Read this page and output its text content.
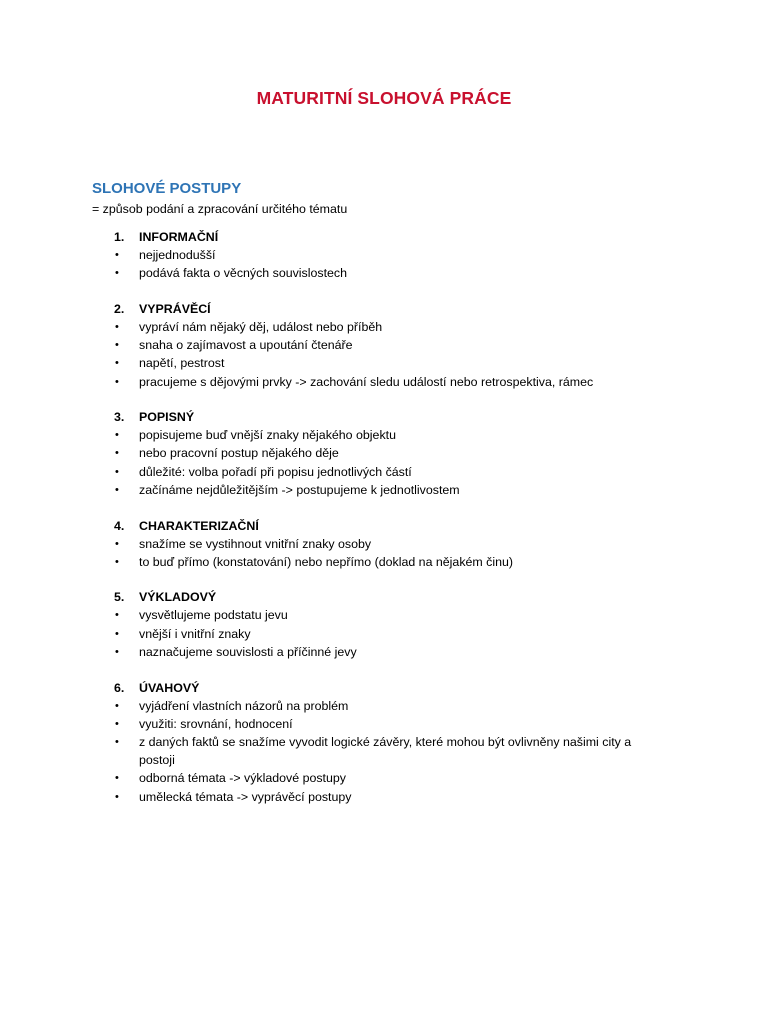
MATURITNÍ SLOHOVÁ PRÁCE
SLOHOVÉ POSTUPY
= způsob podání a zpracování určitého tématu
1. INFORMAČNÍ
• nejjednodušší
• podává fakta o věcných souvislostech
2. VYPRÁVĚCÍ
• vypráví nám nějaký děj, událost nebo příběh
• snaha o zajímavost a upoutání čtenáře
• napětí, pestrost
• pracujeme s dějovými prvky -> zachování sledu událostí nebo retrospektiva, rámec
3. POPISNÝ
• popisujeme buď vnější znaky nějakého objektu
• nebo pracovní postup nějakého děje
• důležité: volba pořadí při popisu jednotlivých částí
• začínáme nejdůležitějším -> postupujeme k jednotlivostem
4. CHARAKTERIZAČNÍ
• snažíme se vystihnout vnitřní znaky osoby
• to buď přímo (konstatování) nebo nepřímo (doklad na nějakém činu)
5. VÝKLADOVÝ
• vysvětlujeme podstatu jevu
• vnější i vnitřní znaky
• naznačujeme souvislosti a příčinné jevy
6. ÚVAHOVÝ
• vyjádření vlastních názorů na problém
• využiti: srovnání, hodnocení
• z daných faktů se snažíme vyvodit logické závěry, které mohou být ovlivněny našimi city a postoji
• odborná témata -> výkladové postupy
• umělecká témata -> vyprávěcí postupy
